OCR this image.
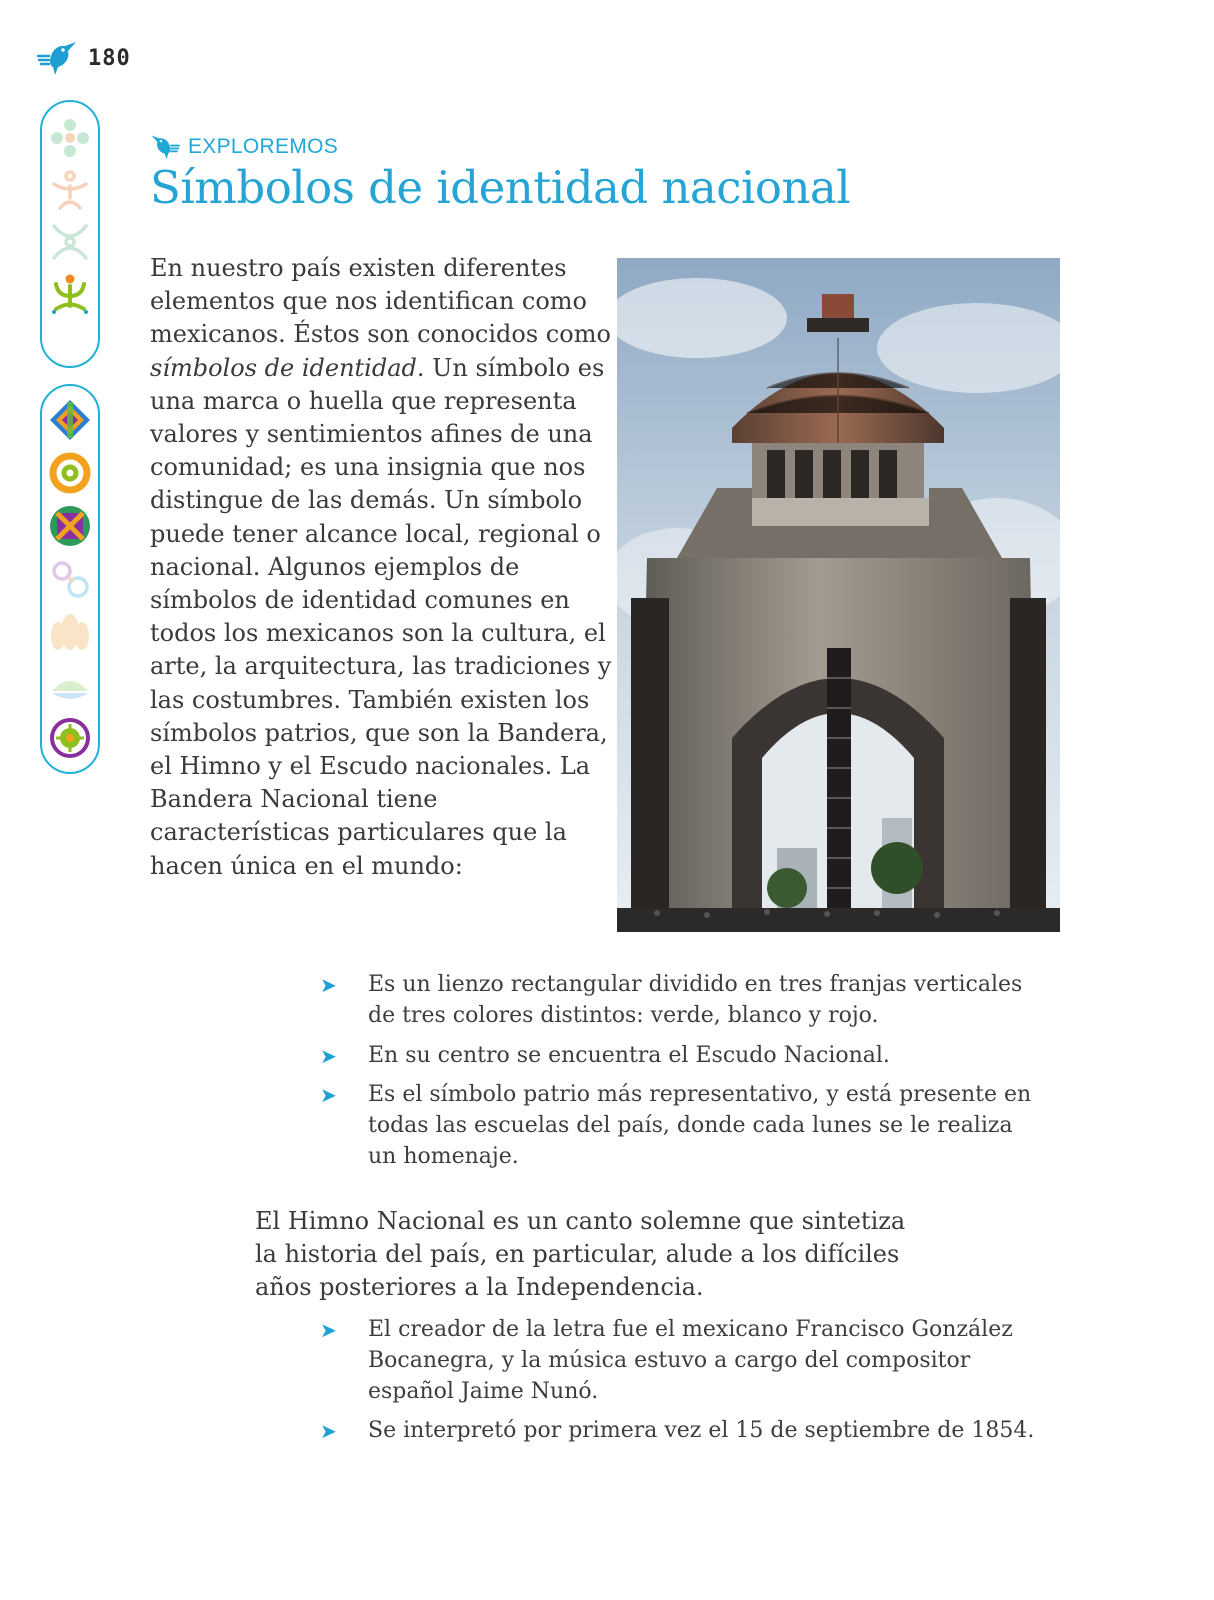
180
EXPLOREMOS
Símbolos de identidad nacional

En nuestro país existen diferentes elementos que nos identifican como mexicanos. Éstos son conocidos como símbolos de identidad. Un símbolo es una marca o huella que representa valores y sentimientos afines de una comunidad; es una insignia que nos distingue de las demás. Un símbolo puede tener alcance local, regional o nacional. Algunos ejemplos de símbolos de identidad comunes en todos los mexicanos son la cultura, el arte, la arquitectura, las tradiciones y las costumbres. También existen los símbolos patrios, que son la Bandera, el Himno y el Escudo nacionales. La Bandera Nacional tiene características particulares que la hacen única en el mundo:

➤	Es un lienzo rectangular dividido en tres franjas verticales de tres colores distintos: verde, blanco y rojo.
➤	En su centro se encuentra el Escudo Nacional.
➤	Es el símbolo patrio más representativo, y está presente en todas las escuelas del país, donde cada lunes se le realiza un homenaje.

El Himno Nacional es un canto solemne que sintetiza la historia del país, en particular, alude a los difíciles años posteriores a la Independencia.

➤	El creador de la letra fue el mexicano Francisco González Bocanegra, y la música estuvo a cargo del compositor español Jaime Nunó.
➤	Se interpretó por primera vez el 15 de septiembre de 1854.
